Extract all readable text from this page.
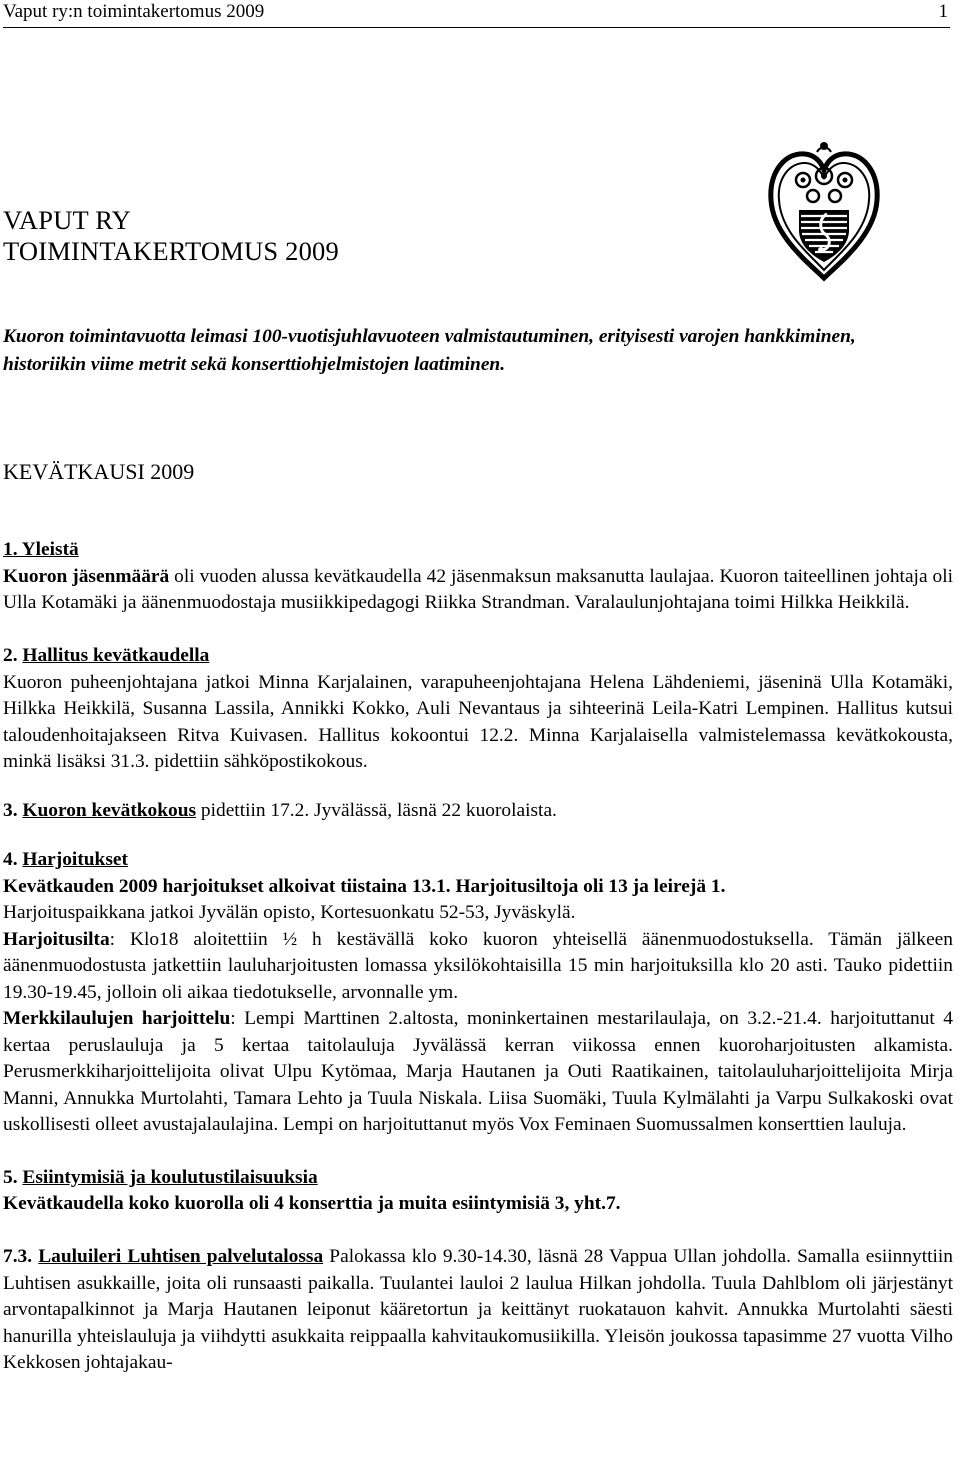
Vaput ry:n toimintakertomus 2009	1
VAPUT RY
TOIMINTAKERTOMUS 2009
Kuoron toimintavuotta leimasi 100-vuotisjuhlavuoteen valmistautuminen, erityisesti varojen hankkiminen, historiikin viime metrit sekä konserttiohjelmistojen laatiminen.
KEVÄTKAUSI 2009
1. Yleistä
Kuoron jäsenmäärä oli vuoden alussa kevätkaudella 42 jäsenmaksun maksanutta laulajaa. Kuoron taiteellinen johtaja oli Ulla Kotamäki ja äänenmuodostaja musiikkipedagogi Riikka Strandman. Varalaulunjohtajana toimi Hilkka Heikkilä.
2. Hallitus kevätkaudella
Kuoron puheenjohtajana jatkoi Minna Karjalainen, varapuheenjohtajana Helena Lähdeniemi, jäseninä Ulla Kotamäki, Hilkka Heikkilä, Susanna Lassila, Annikki Kokko, Auli Nevantaus ja sihteerinä Leila-Katri Lempinen. Hallitus kutsui taloudenhoitajakseen Ritva Kuivasen. Hallitus kokoontui 12.2. Minna Karjalaisella valmistelemassa kevätkokousta, minkä lisäksi 31.3. pidettiin sähköpostikokous.
3. Kuoron kevätkokous pidettiin 17.2. Jyvälässä, läsnä 22 kuorolaista.
4. Harjoitukset
Kevätkauden 2009 harjoitukset alkoivat tiistaina 13.1. Harjoitusiltoja oli 13 ja leirejä 1.
Harjoituspaikkana jatkoi Jyvälän opisto, Kortesuonkatu 52-53, Jyväskylä.
Harjoitusilta: Klo18 aloitettiin ½ h kestävällä koko kuoron yhteisellä äänenmuodostuksella. Tämän jälkeen äänenmuodostusta jatkettiin lauluharjoitusten lomassa yksilökohtaisilla 15 min harjoituksilla klo 20 asti. Tauko pidettiin 19.30-19.45, jolloin oli aikaa tiedotukselle, arvonnalle ym.
Merkkilaulujen harjoittelu: Lempi Marttinen 2.altosta, moninkertainen mestarilaulaja, on 3.2.-21.4. harjoituttanut 4 kertaa peruslauluja ja 5 kertaa taitolauluja Jyvälässä kerran viikossa ennen kuoroharjoitusten alkamista. Perusmerkkiharjoittelijoita olivat Ulpu Kytömaa, Marja Hautanen ja Outi Raatikainen, taitolauluharjoittelijoita Mirja Manni, Annukka Murtolahti, Tamara Lehto ja Tuula Niskala. Liisa Suomäki, Tuula Kylmälahti ja Varpu Sulkakoski ovat uskollisesti olleet avustajalaulajina. Lempi on harjoituttanut myös Vox Feminaen Suomussalmen konserttien lauluja.
5. Esiintymisiä ja koulutustilaisuuksia
Kevätkaudella koko kuorolla oli 4 konserttia ja muita esiintymisiä 3, yht.7.
7.3. Lauluileri Luhtisen palvelutalossa Palokassa klo 9.30-14.30, läsnä 28 Vappua Ullan johdolla. Samalla esiinnyttiin Luhtisen asukkaille, joita oli runsaasti paikalla. Tuulantei lauloi 2 laulua Hilkan johdolla. Tuula Dahlblom oli järjestänyt arvontapalkinnot ja Marja Hautanen leiponut kääretortun ja keittänyt ruokatauon kahvit. Annukka Murtolahti säesti hanurilla yhteislauluja ja viihdytti asukkaita reippaalla kahvitaukomusiikilla. Yleisön joukossa tapasimme 27 vuotta Vilho Kekkosen johtajakau-
